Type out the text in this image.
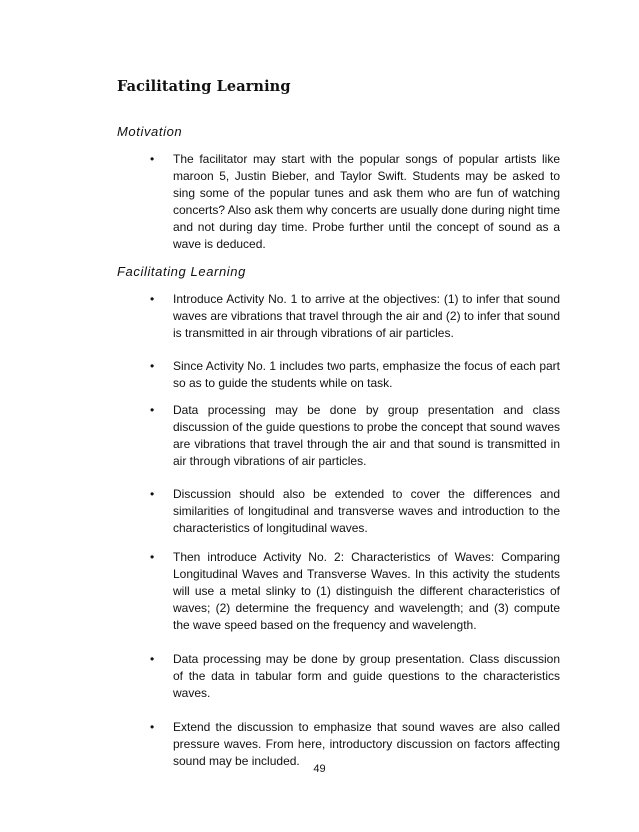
Facilitating Learning
Motivation
• The facilitator may start with the popular songs of popular artists like maroon 5, Justin Bieber, and Taylor Swift. Students may be asked to sing some of the popular tunes and ask them who are fun of watching concerts? Also ask them why concerts are usually done during night time and not during day time. Probe further until the concept of sound as a wave is deduced.
Facilitating Learning
• Introduce Activity No. 1 to arrive at the objectives: (1) to infer that sound waves are vibrations that travel through the air and (2) to infer that sound is transmitted in air through vibrations of air particles.
• Since Activity No. 1 includes two parts, emphasize the focus of each part so as to guide the students while on task.
• Data processing may be done by group presentation and class discussion of the guide questions to probe the concept that sound waves are vibrations that travel through the air and that sound is transmitted in air through vibrations of air particles.
• Discussion should also be extended to cover the differences and similarities of longitudinal and transverse waves and introduction to the characteristics of longitudinal waves.
• Then introduce Activity No. 2: Characteristics of Waves: Comparing Longitudinal Waves and Transverse Waves. In this activity the students will use a metal slinky to (1) distinguish the different characteristics of waves; (2) determine the frequency and wavelength; and (3) compute the wave speed based on the frequency and wavelength.
• Data processing may be done by group presentation. Class discussion of the data in tabular form and guide questions to the characteristics waves.
• Extend the discussion to emphasize that sound waves are also called pressure waves. From here, introductory discussion on factors affecting sound may be included.
49
